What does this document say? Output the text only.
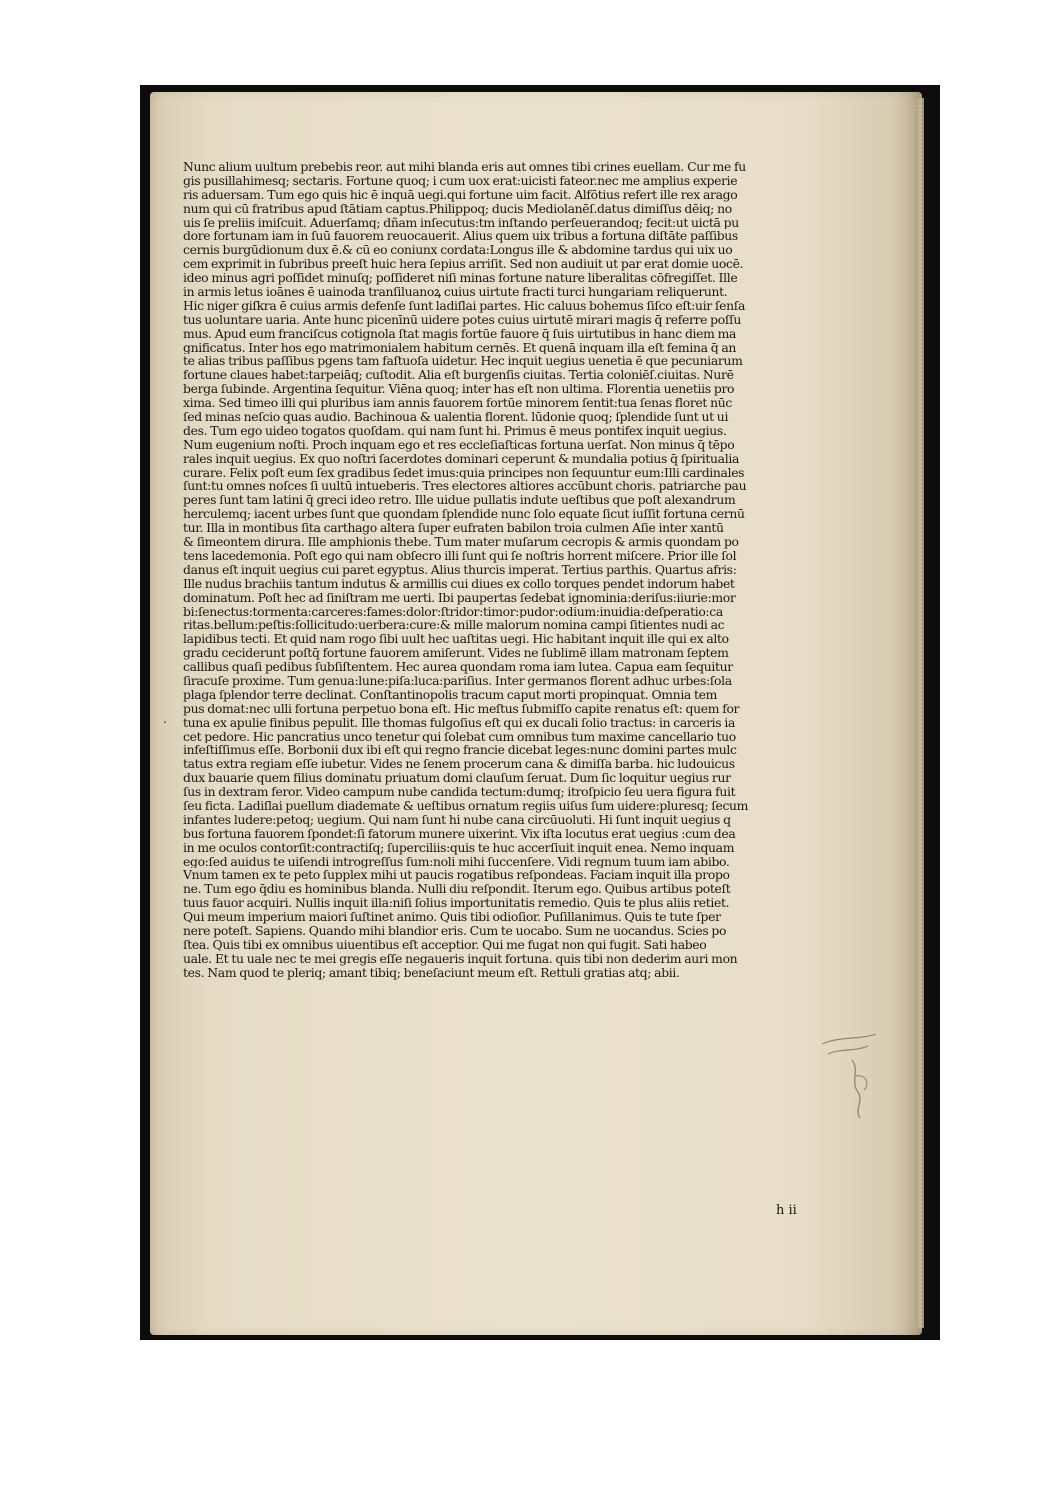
.
Nunc alium uultum prebebis reor. aut mihi blanda eris aut omnes tibi crines euellam. Cur me fu
gis pusillahimesq; sectaris. Fortune quoq; i cum uox erat:uicisti fateor.nec me amplius experie
ris aduersam. Tum ego quis hic ē inquā uegi.qui fortune uim facit. Alfōtius refert ille rex arago
num qui cū fratribus apud ſtātiam captus.Philippoq; ducis Mediolanēſ.datus dimiſſus dēiq; no
uis ſe preliis imiſcuit. Aduerſamq; dñam inſecutus:tm inſtando perſeuerandoq; fecit:ut uictā pu
dore fortunam iam in ſuū fauorem reuocauerit. Alius quem uix tribus a fortuna diſtāte paſſibus
cernis burgūdionum dux ē.& cū eo coniunx cordata:Longus ille & abdomine tardus qui uix uo
cem exprimit in ſubribus preeſt huic hera ſepius arriſit. Sed non audiuit ut par erat domie uocē.
ideo minus agri poſſidet minuſq; poſſideret niſi minas fortune nature liberalitas cōfregiſſet. Ille
in armis letus ioānes ē uainoda tranſiluanoꝝ cuius uirtute fracti turci hungariam reliquerunt.
Hic niger giſkra ē cuius armis defenſe ſunt ladiſlai partes. Hic caluus bohemus ſiſco eſt:uir ſenſa
tus uoluntare uaria. Ante hunc picenīnū uidere potes cuius uirtutē mirari magis q̄ referre poſſu
mus. Apud eum franciſcus cotignola ſtat magis fortūe fauore q̄ ſuis uirtutibus in hanc diem ma
gnificatus. Inter hos ego matrimonialem habitum cernēs. Et quenā inquam illa eſt femina q̄ an
te alias tribus paſſibus pgens tam faſtuoſa uidetur. Hec inquit uegius uenetia ē que pecuniarum
fortune claues habet:tarpeiāq; cuſtodit. Alia eſt burgenſis ciuitas. Tertia coloniēſ.ciuitas. Nurē
berga ſubinde. Argentina ſequitur. Viēna quoq; inter has eſt non ultima. Florentia uenetiis pro
xima. Sed timeo illi qui pluribus iam annis fauorem fortūe minorem ſentit:tua ſenas floret nūc
ſed minas neſcio quas audio. Bachinoua & ualentia florent. lūdonie quoq; ſplendide ſunt ut ui
des. Tum ego uideo togatos quoſdam. qui nam ſunt hi. Primus ē meus pontifex inquit uegius.
Num eugenium noſti. Proch inquam ego et res eccleſiaſticas fortuna uerſat. Non minus q̄ tēpo
rales inquit uegius. Ex quo noſtri ſacerdotes dominari ceperunt & mundalia potius q̄ ſpiritualia
curare. Felix poſt eum ſex gradibus ſedet imus:quia principes non ſequuntur eum:Illi cardinales
ſunt:tu omnes noſces ſi uultū intueberis. Tres electores altiores accūbunt choris. patriarche pau
peres ſunt tam latini q̄ greci ideo retro. Ille uidue pullatis indute ueſtibus que poſt alexandrum
herculemq; iacent urbes ſunt que quondam ſplendide nunc ſolo equate ſicut iuſſit fortuna cernū
tur. Illa in montibus ſita carthago altera ſuper eufraten babilon troia culmen Aſie inter xantū
& ſimeontem dirura. Ille amphionis thebe. Tum mater muſarum cecropis & armis quondam po
tens lacedemonia. Poſt ego qui nam obſecro illi ſunt qui ſe noſtris horrent miſcere. Prior ille ſol
danus eſt inquit uegius cui paret egyptus. Alius thurcis imperat. Tertius parthis. Quartus afris:
Ille nudus brachiis tantum indutus & armillis cui diues ex collo torques pendet indorum habet
dominatum. Poſt hec ad ſiniſtram me uerti. Ibi paupertas ſedebat ignominia:deriſus:iiurie:mor
bi:ſenectus:tormenta:carceres:fames:dolor:ſtridor:timor:pudor:odium:inuidia:deſperatio:ca
ritas.bellum:peſtis:ſollicitudo:uerbera:cure:& mille malorum nomina campi ſitientes nudi ac
lapidibus tecti. Et quid nam rogo ſibi uult hec uaſtitas uegi. Hic habitant inquit ille qui ex alto
gradu ceciderunt poſtq̄ fortune fauorem amiſerunt. Vides ne ſublimē illam matronam ſeptem
callibus quaſi pedibus ſubſiſtentem. Hec aurea quondam roma iam lutea. Capua eam ſequitur
ſiracuſe proxime. Tum genua:lune:piſa:luca:pariſius. Inter germanos florent adhuc urbes:ſola
plaga ſplendor terre declinat. Conſtantinopolis tracum caput morti propinquat. Omnia tem
pus domat:nec ulli fortuna perpetuo bona eſt. Hic meſtus ſubmiſſo capite renatus eſt: quem for
tuna ex apulie finibus pepulit. Ille thomas fulgoſius eſt qui ex ducali ſolio tractus: in carceris ia
cet pedore. Hic pancratius unco tenetur qui ſolebat cum omnibus tum maxime cancellario tuo
infeſtiſſimus eſſe. Borbonii dux ibi eſt qui regno francie dicebat leges:nunc domini partes mulc
tatus extra regiam eſſe iubetur. Vides ne ſenem procerum cana & dimiſſa barba. hic ludouicus
dux bauarie quem filius dominatu priuatum domi clauſum ſeruat. Dum ſic loquitur uegius rur
ſus in dextram feror. Video campum nube candida tectum:dumq; itroſpicio ſeu uera figura fuit
ſeu ficta. Ladiſlai puellum diademate & ueſtibus ornatum regiis uiſus ſum uidere:pluresq; ſecum
infantes ludere:petoq; uegium. Qui nam ſunt hi nube cana circūuoluti. Hi ſunt inquit uegius q
bus fortuna fauorem ſpondet:ſi fatorum munere uixerint. Vix iſta locutus erat uegius :cum dea
in me oculos contorſit:contractiſq; ſuperciliis:quis te huc accerſiuit inquit enea. Nemo inquam
ego:ſed auidus te uiſendi introgreſſus ſum:noli mihi ſuccenſere. Vidi regnum tuum iam abibo.
Vnum tamen ex te peto ſupplex mihi ut paucis rogatibus reſpondeas. Faciam inquit illa propo
ne. Tum ego q̄diu es hominibus blanda. Nulli diu reſpondit. Iterum ego. Quibus artibus poteſt
tuus fauor acquiri. Nullis inquit illa:niſi ſolius importunitatis remedio. Quis te plus aliis retiet.
Qui meum imperium maiori ſuſtinet animo. Quis tibi odioſior. Puſillanimus. Quis te tute ſper
nere poteſt. Sapiens. Quando mihi blandior eris. Cum te uocabo. Sum ne uocandus. Scies po
ſtea. Quis tibi ex omnibus uiuentibus eſt acceptior. Qui me fugat non qui fugit. Sati habeo
uale. Et tu uale nec te mei gregis eſſe negaueris inquit fortuna. quis tibi non dederim auri mon
tes. Nam quod te pleriq; amant tibiq; beneſaciunt meum eſt. Rettuli gratias atq; abii.
h ii
